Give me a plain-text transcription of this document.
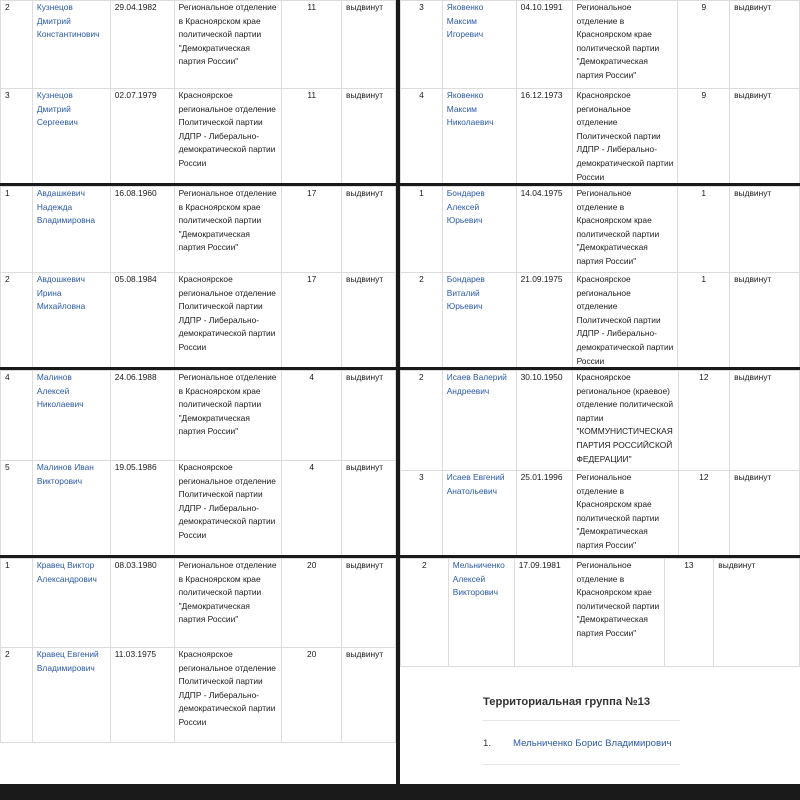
2	Кузнецов Дмитрий Константинович	29.04.1982	Региональное отделение в Красноярском крае политической партии "Демократическая партия России"	11	выдвинут
3	Кузнецов Дмитрий Сергеевич	02.07.1979	Красноярское региональное отделение Политической партии ЛДПР - Либерально-демократической партии России	11	выдвинут
1	Авдашкевич Надежда Владимировна	16.08.1960	Региональное отделение в Красноярском крае политической партии "Демократическая партия России"	17	выдвинут
2	Авдошкевич Ирина Михайловна	05.08.1984	Красноярское региональное отделение Политической партии ЛДПР - Либерально-демократической партии России	17	выдвинут
4	Малинов Алексей Николаевич	24.06.1988	Региональное отделение в Красноярском крае политической партии "Демократическая партия России"	4	выдвинут
5	Малинов Иван Викторович	19.05.1986	Красноярское региональное отделение Политической партии ЛДПР - Либерально-демократической партии России	4	выдвинут
1	Кравец Виктор Александрович	08.03.1980	Региональное отделение в Красноярском крае политической партии "Демократическая партия России"	20	выдвинут
2	Кравец Евгений Владимирович	11.03.1975	Красноярское региональное отделение Политической партии ЛДПР - Либерально-демократической партии России	20	выдвинут
3	Яковенко Максим Игоревич	04.10.1991	Региональное отделение в Красноярском крае политической партии "Демократическая партия России"	9	выдвинут
4	Яковенко Максим Николаевич	16.12.1973	Красноярское региональное отделение Политической партии ЛДПР - Либерально-демократической партии России	9	выдвинут
1	Бондарев Алексей Юрьевич	14.04.1975	Региональное отделение в Красноярском крае политической партии "Демократическая партия России"	1	выдвинут
2	Бондарев Виталий Юрьевич	21.09.1975	Красноярское региональное отделение Политической партии ЛДПР - Либерально-демократической партии России	1	выдвинут
2	Исаев Валерий Андреевич	30.10.1950	Красноярское региональное (краевое) отделение политической партии "КОММУНИСТИЧЕСКАЯ ПАРТИЯ РОССИЙСКОЙ ФЕДЕРАЦИИ"	12	выдвинут
3	Исаев Евгений Анатольевич	25.01.1996	Региональное отделение в Красноярском крае политической партии "Демократическая партия России"	12	выдвинут
2	Мельниченко Алексей Викторович	17.09.1981	Региональное отделение в Красноярском крае политической партии "Демократическая партия России"	13	выдвинут
Территориальная группа №13
1. Мельниченко Борис Владимирович
